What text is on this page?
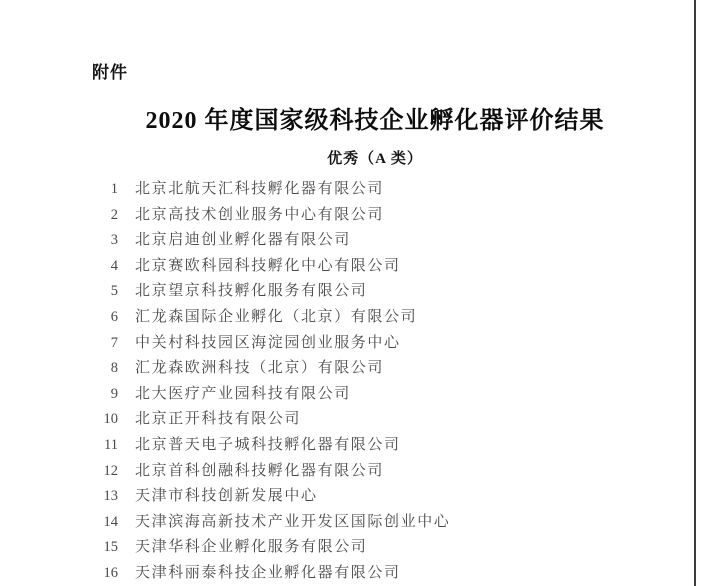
附件
2020 年度国家级科技企业孵化器评价结果
优秀（A 类）
1 北京北航天汇科技孵化器有限公司
2 北京高技术创业服务中心有限公司
3 北京启迪创业孵化器有限公司
4 北京赛欧科园科技孵化中心有限公司
5 北京望京科技孵化服务有限公司
6 汇龙森国际企业孵化（北京）有限公司
7 中关村科技园区海淀园创业服务中心
8 汇龙森欧洲科技（北京）有限公司
9 北大医疗产业园科技有限公司
10 北京正开科技有限公司
11 北京普天电子城科技孵化器有限公司
12 北京首科创融科技孵化器有限公司
13 天津市科技创新发展中心
14 天津滨海高新技术产业开发区国际创业中心
15 天津华科企业孵化服务有限公司
16 天津科丽泰科技企业孵化器有限公司
